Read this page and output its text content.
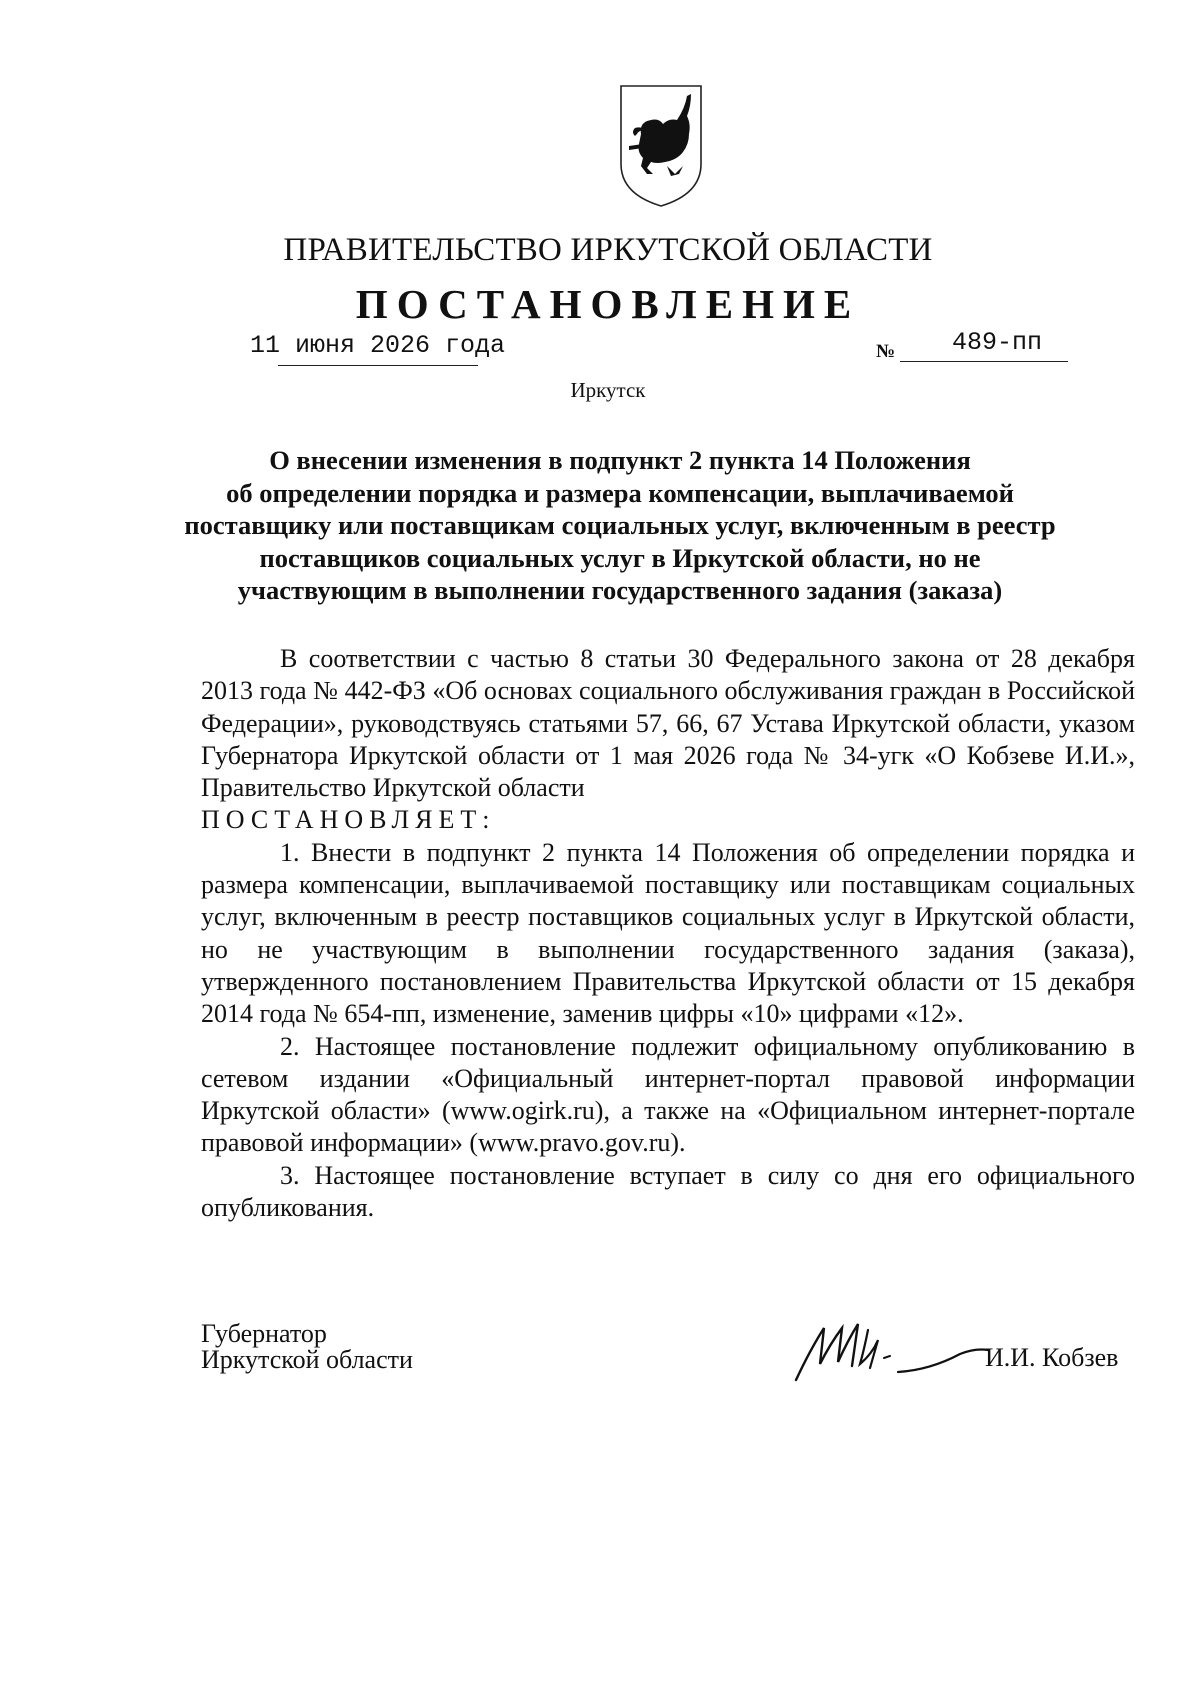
ПРАВИТЕЛЬСТВО ИРКУТСКОЙ ОБЛАСТИ
ПОСТАНОВЛЕНИЕ
11 июня 2026 года	№ 489-пп
Иркутск
О внесении изменения в подпункт 2 пункта 14 Положения
об определении порядка и размера компенсации, выплачиваемой
поставщику или поставщикам социальных услуг, включенным в реестр
поставщиков социальных услуг в Иркутской области, но не
участвующим в выполнении государственного задания (заказа)

В соответствии с частью 8 статьи 30 Федерального закона от 28 декабря 2013 года № 442-ФЗ «Об основах социального обслуживания граждан в Российской Федерации», руководствуясь статьями 57, 66, 67 Устава Иркутской области, указом Губернатора Иркутской области от 1 мая 2026 года № 34-угк «О Кобзеве И.И.», Правительство Иркутской области

ПОСТАНОВЛЯЕТ:

1. Внести в подпункт 2 пункта 14 Положения об определении порядка и размера компенсации, выплачиваемой поставщику или поставщикам социальных услуг, включенным в реестр поставщиков социальных услуг в Иркутской области, но не участвующим в выполнении государственного задания (заказа), утвержденного постановлением Правительства Иркутской области от 15 декабря 2014 года № 654-пп, изменение, заменив цифры «10» цифрами «12».

2. Настоящее постановление подлежит официальному опубликованию в сетевом издании «Официальный интернет-портал правовой информации Иркутской области» (www.ogirk.ru), а также на «Официальном интернет-портале правовой информации» (www.pravo.gov.ru).

3. Настоящее постановление вступает в силу со дня его официального опубликования.

Губернатор
Иркутской области	И.И. Кобзев
